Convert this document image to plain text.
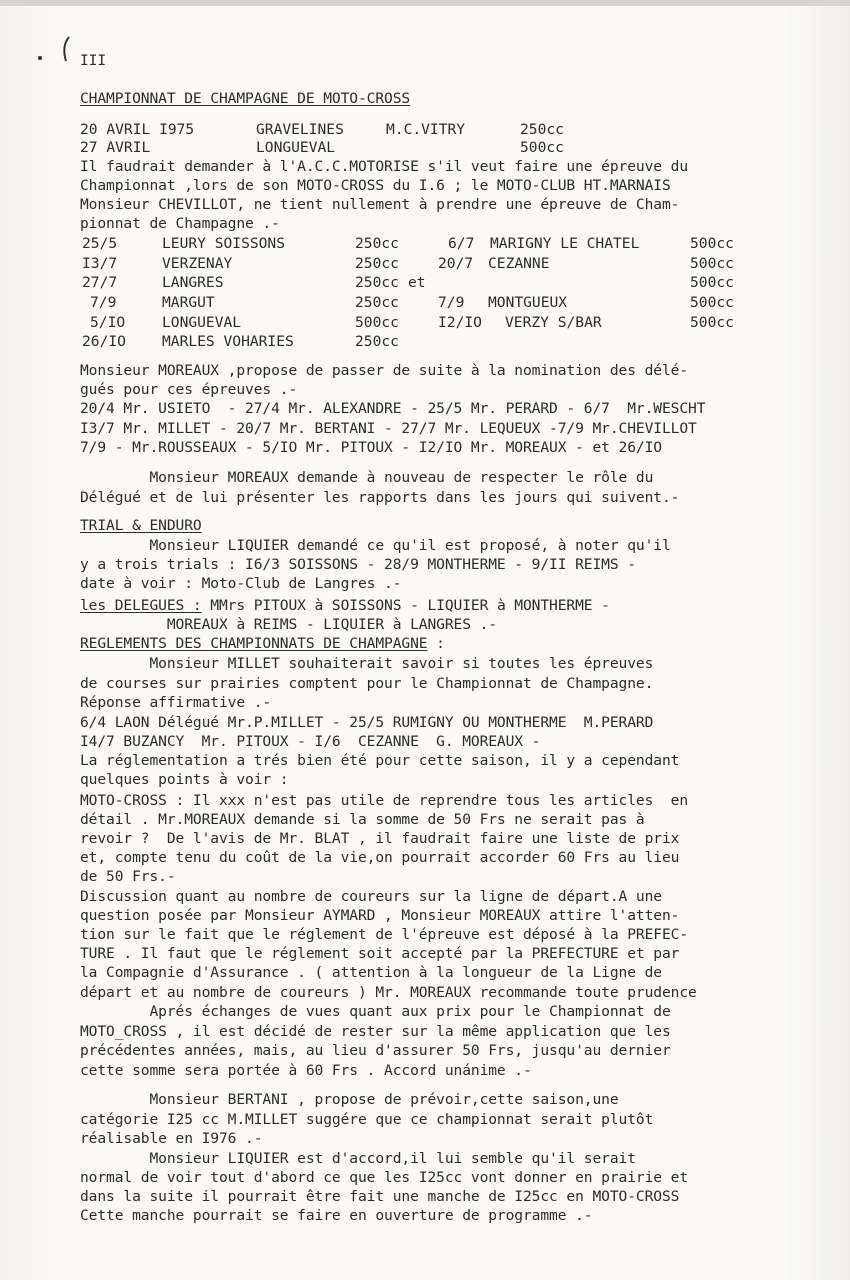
III
CHAMPIONNAT DE CHAMPAGNE DE MOTO-CROSS
20 AVRIL I975	GRAVELINES	M.C.VITRY	250cc
27 AVRIL	LONGUEVAL	500cc
Il faudrait demander à l'A.C.C.MOTORISE s'il veut faire une épreuve du
Championnat ,lors de son MOTO-CROSS du I.6 ; le MOTO-CLUB HT.MARNAIS
Monsieur CHEVILLOT, ne tient nullement à prendre une épreuve de Cham-
pionnat de Champagne .-
25/5	LEURY SOISSONS	250cc	6/7 MARIGNY LE CHATEL	500cc
I3/7	VERZENAY	250cc	20/7 CEZANNE	500cc
27/7	LANGRES	250cc et	500cc
7/9	MARGUT	250cc	7/9 MONTGUEUX	500cc
5/IO	LONGUEVAL	500cc	I2/IO VERZY S/BAR	500cc
26/IO MARLES VOHARIES	250cc
Monsieur MOREAUX ,propose de passer de suite à la nomination des délé-
gués pour ces épreuves .-
20/4 Mr. USIETO  - 27/4 Mr. ALEXANDRE - 25/5 Mr. PERARD - 6/7  Mr.WESCHT
I3/7 Mr. MILLET - 20/7 Mr. BERTANI - 27/7 Mr. LEQUEUX -7/9 Mr.CHEVILLOT
7/9 - Mr.ROUSSEAUX - 5/IO Mr. PITOUX - I2/IO Mr. MOREAUX - et 26/IO
Monsieur MOREAUX demande à nouveau de respecter le rôle du
Délégué et de lui présenter les rapports dans les jours qui suivent.-
TRIAL & ENDURO
Monsieur LIQUIER demandé ce qu'il est proposé, à noter qu'il
y a trois trials : I6/3 SOISSONS - 28/9 MONTHERME - 9/II REIMS -
date à voir : Moto-Club de Langres .-
les DELEGUES : MMrs PITOUX à SOISSONS - LIQUIER à MONTHERME -
MOREAUX à REIMS - LIQUIER à LANGRES .-
REGLEMENTS DES CHAMPIONNATS DE CHAMPAGNE :
Monsieur MILLET souhaiterait savoir si toutes les épreuves
de courses sur prairies comptent pour le Championnat de Champagne.
Réponse affirmative .-
6/4 LAON Délégué Mr.P.MILLET - 25/5 RUMIGNY OU MONTHERME  M.PERARD
I4/7 BUZANCY  Mr. PITOUX - I/6  CEZANNE  G. MOREAUX -
La réglementation a trés bien été pour cette saison, il y a cependant
quelques points à voir :
MOTO-CROSS : Il xxx n'est pas utile de reprendre tous les articles  en
détail . Mr.MOREAUX demande si la somme de 50 Frs ne serait pas à
revoir ?  De l'avis de Mr. BLAT , il faudrait faire une liste de prix
et, compte tenu du coût de la vie,on pourrait accorder 60 Frs au lieu
de 50 Frs.-
Discussion quant au nombre de coureurs sur la ligne de départ.A une
question posée par Monsieur AYMARD , Monsieur MOREAUX attire l'atten-
tion sur le fait que le réglement de l'épreuve est déposé à la PREFEC-
TURE . Il faut que le réglement soit accepté par la PREFECTURE et par
la Compagnie d'Assurance . ( attention à la longueur de la Ligne de
départ et au nombre de coureurs ) Mr. MOREAUX recommande toute prudence
Aprés échanges de vues quant aux prix pour le Championnat de
MOTO_CROSS , il est décidé de rester sur la même application que les
précédentes années, mais, au lieu d'assurer 50 Frs, jusqu'au dernier
cette somme sera portée à 60 Frs . Accord unánime .-
Monsieur BERTANI , propose de prévoir,cette saison,une
catégorie I25 cc M.MILLET suggére que ce championnat serait plutôt
réalisable en I976 .-
Monsieur LIQUIER est d'accord,il lui semble qu'il serait
normal de voir tout d'abord ce que les I25cc vont donner en prairie et
dans la suite il pourrait être fait une manche de I25cc en MOTO-CROSS
Cette manche pourrait se faire en ouverture de programme .-
